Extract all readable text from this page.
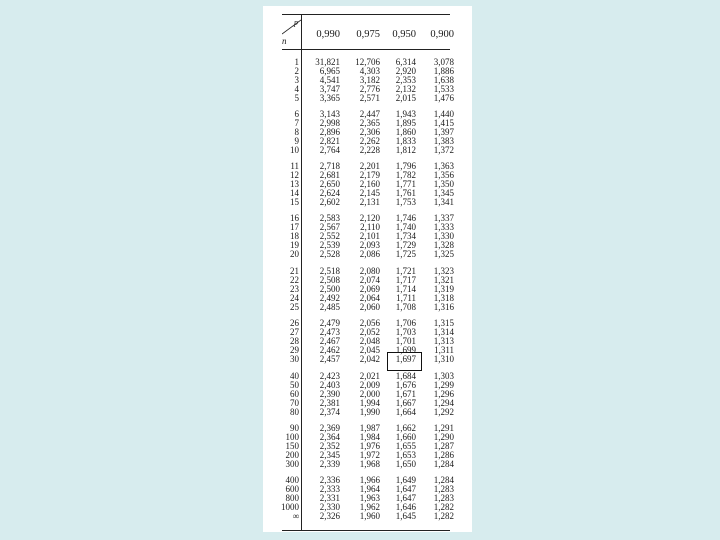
p
n
0,990	0,975	0,950	0,900
1	31,821	12,706	6,314	3,078
2	6,965	4,303	2,920	1,886
3	4,541	3,182	2,353	1,638
4	3,747	2,776	2,132	1,533
5	3,365	2,571	2,015	1,476
6	3,143	2,447	1,943	1,440
7	2,998	2,365	1,895	1,415
8	2,896	2,306	1,860	1,397
9	2,821	2,262	1,833	1,383
10	2,764	2,228	1,812	1,372
11	2,718	2,201	1,796	1,363
12	2,681	2,179	1,782	1,356
13	2,650	2,160	1,771	1,350
14	2,624	2,145	1,761	1,345
15	2,602	2,131	1,753	1,341
16	2,583	2,120	1,746	1,337
17	2,567	2,110	1,740	1,333
18	2,552	2,101	1,734	1,330
19	2,539	2,093	1,729	1,328
20	2,528	2,086	1,725	1,325
21	2,518	2,080	1,721	1,323
22	2,508	2,074	1,717	1,321
23	2,500	2,069	1,714	1,319
24	2,492	2,064	1,711	1,318
25	2,485	2,060	1,708	1,316
26	2,479	2,056	1,706	1,315
27	2,473	2,052	1,703	1,314
28	2,467	2,048	1,701	1,313
29	2,462	2,045	1,699	1,311
30	2,457	2,042	1,697	1,310
40	2,423	2,021	1,684	1,303
50	2,403	2,009	1,676	1,299
60	2,390	2,000	1,671	1,296
70	2,381	1,994	1,667	1,294
80	2,374	1,990	1,664	1,292
90	2,369	1,987	1,662	1,291
100	2,364	1,984	1,660	1,290
150	2,352	1,976	1,655	1,287
200	2,345	1,972	1,653	1,286
300	2,339	1,968	1,650	1,284
400	2,336	1,966	1,649	1,284
600	2,333	1,964	1,647	1,283
800	2,331	1,963	1,647	1,283
1000	2,330	1,962	1,646	1,282
∞	2,326	1,960	1,645	1,282
